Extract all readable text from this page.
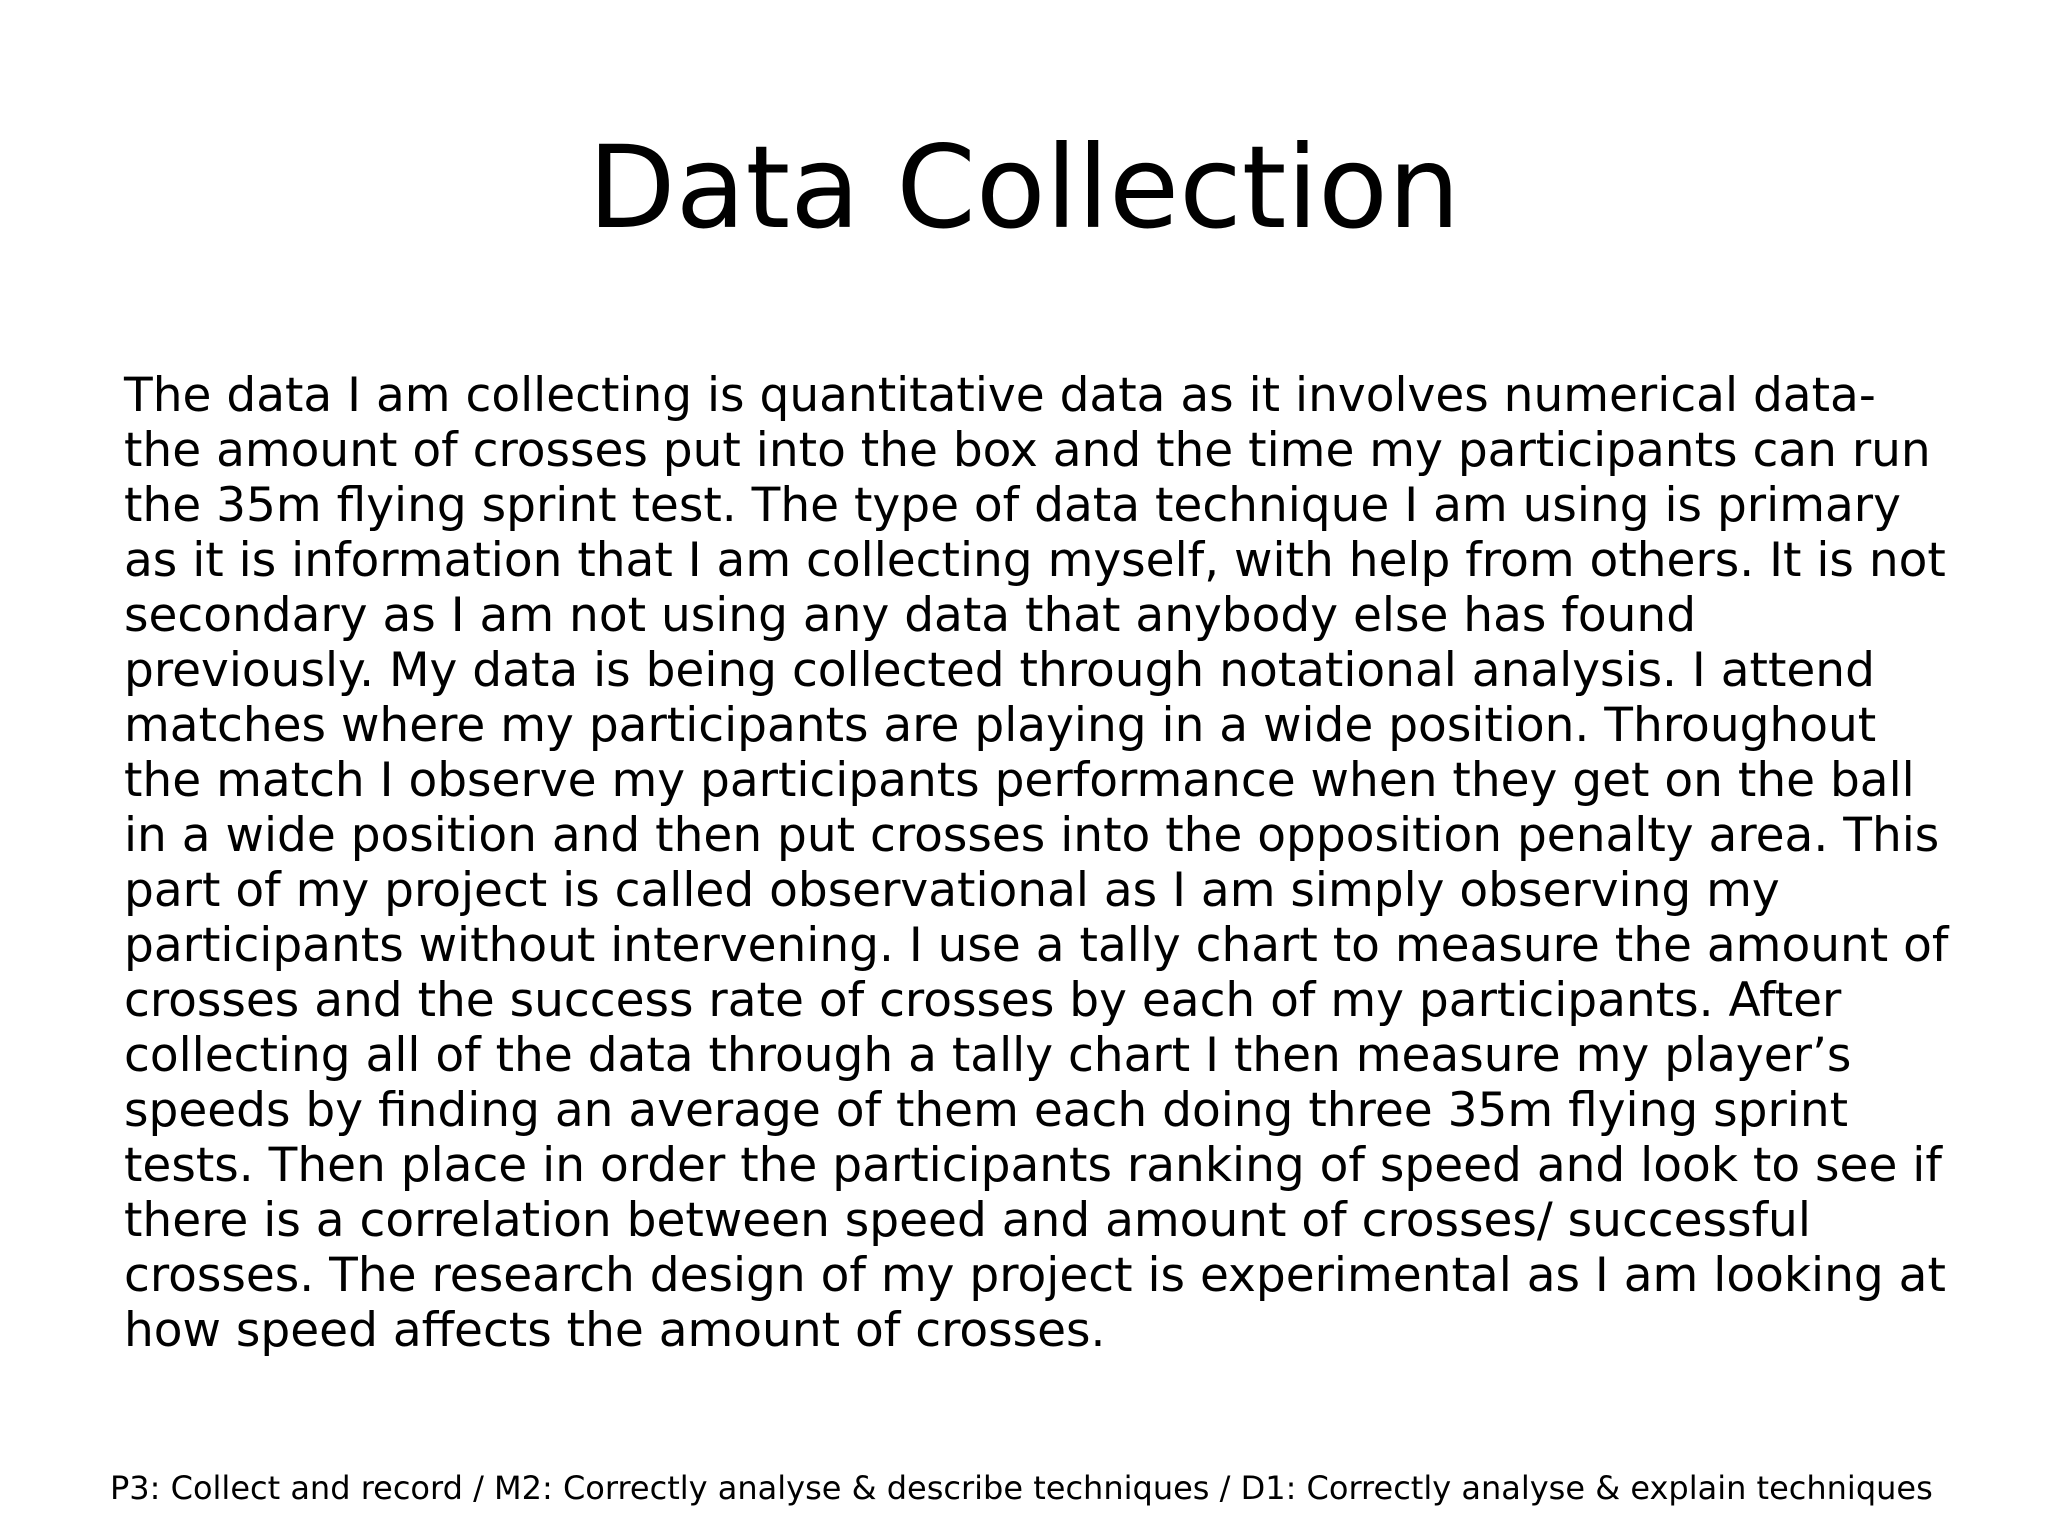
Data Collection

The data I am collecting is quantitative data as it involves numerical data- the amount of crosses put into the box and the time my participants can run the 35m flying sprint test. The type of data technique I am using is primary as it is information that I am collecting myself, with help from others. It is not secondary as I am not using any data that anybody else has found previously. My data is being collected through notational analysis. I attend matches where my participants are playing in a wide position. Throughout the match I observe my participants performance when they get on the ball in a wide position and then put crosses into the opposition penalty area. This part of my project is called observational as I am simply observing my participants without intervening. I use a tally chart to measure the amount of crosses and the success rate of crosses by each of my participants. After collecting all of the data through a tally chart I then measure my player’s speeds by finding an average of them each doing three 35m flying sprint tests. Then place in order the participants ranking of speed and look to see if there is a correlation between speed and amount of crosses/ successful crosses. The research design of my project is experimental as I am looking at how speed affects the amount of crosses.

P3: Collect and record / M2: Correctly analyse & describe techniques / D1: Correctly analyse & explain techniques
